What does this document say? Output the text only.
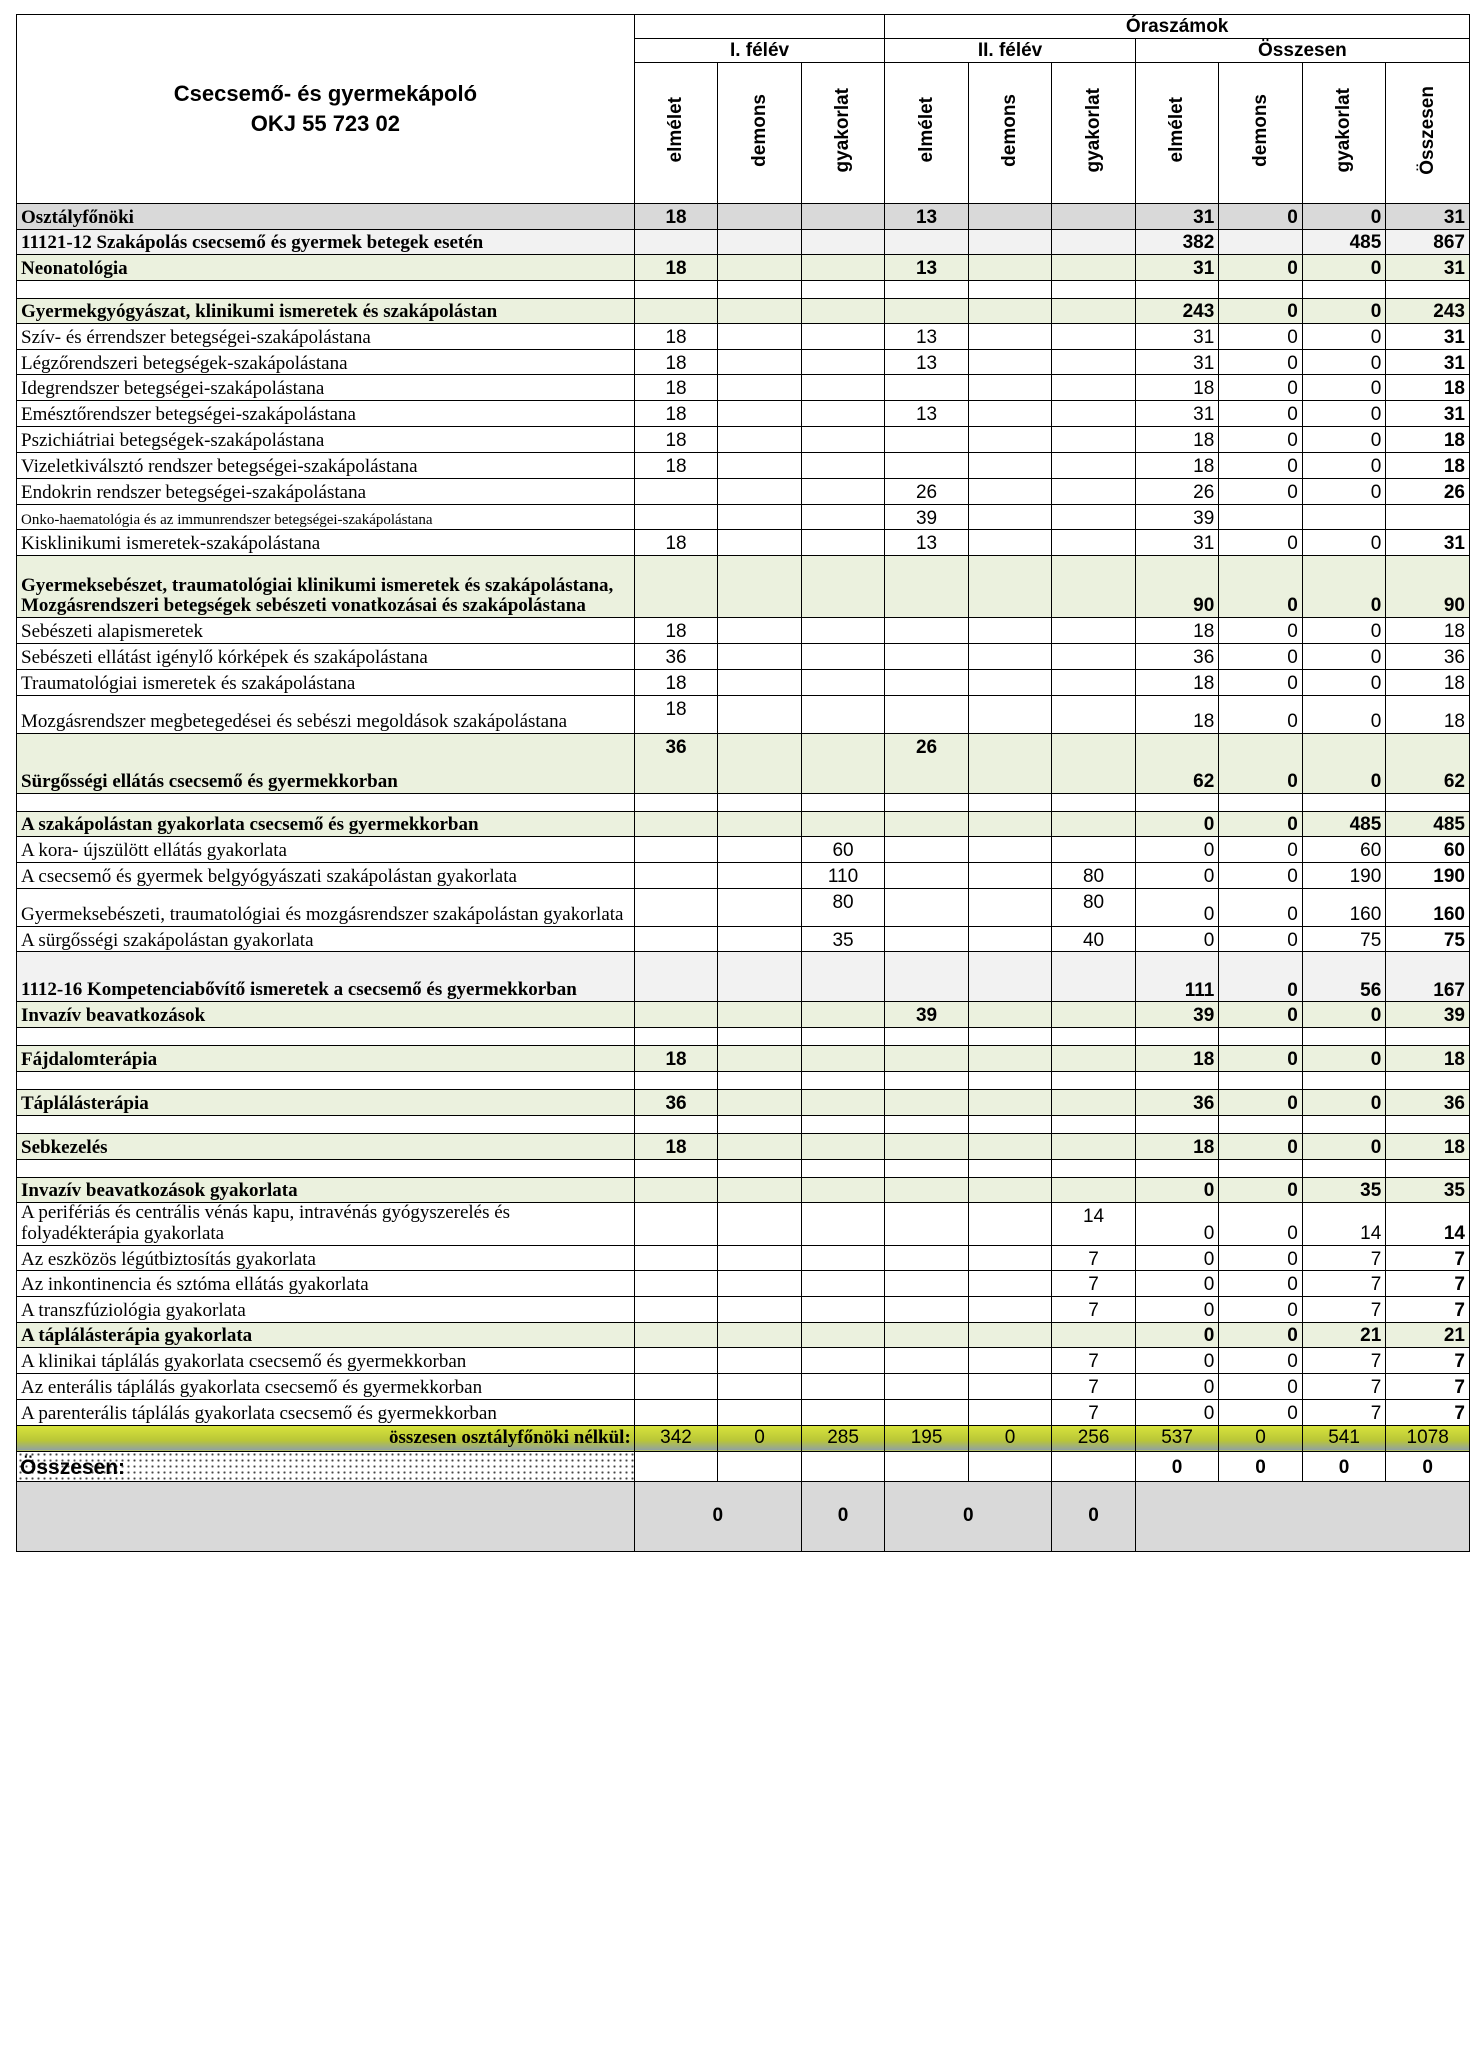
Csecsemő- és gyermekápoló
OKJ 55 723 02				Óraszámok						
	I. félév			II. félév			Összesen			
	elmélet	demons	gyakorlat	elmélet	demons	gyakorlat	elmélet	demons	gyakorlat	Összesen
Osztályfőnöki	18			13			31	0	0	31
11121-12 Szakápolás csecsemő és gyermek betegek esetén							382		485	867
Neonatológia	18			13			31	0	0	31

Gyermekgyógyászat, klinikumi ismeretek és szakápolástan							243	0	0	243
Szív- és érrendszer betegségei-szakápolástana	18			13			31	0	0	31
Légzőrendszeri betegségek-szakápolástana	18			13			31	0	0	31
Idegrendszer betegségei-szakápolástana	18						18	0	0	18
Emésztőrendszer betegségei-szakápolástana	18			13			31	0	0	31
Pszichiátriai betegségek-szakápolástana	18						18	0	0	18
Vizeletkiválsztó rendszer betegségei-szakápolástana	18						18	0	0	18
Endokrin rendszer betegségei-szakápolástana				26			26	0	0	26
Onko-haematológia és az immunrendszer betegségei-szakápolástana				39			39			
Kisklinikumi ismeretek-szakápolástana	18			13			31	0	0	31
Gyermeksebészet, traumatológiai klinikumi ismeretek és szakápolástana, Mozgásrendszeri betegségek sebészeti vonatkozásai és szakápolástana							90	0	0	90
Sebészeti alapismeretek	18						18	0	0	18
Sebészeti ellátást igénylő kórképek és szakápolástana	36						36	0	0	36
Traumatológiai ismeretek és szakápolástana	18						18	0	0	18
Mozgásrendszer megbetegedései és sebészi megoldások szakápolástana	18						18	0	0	18
Sürgősségi ellátás csecsemő és gyermekkorban	36			26			62	0	0	62

A szakápolástan gyakorlata csecsemő és gyermekkorban							0	0	485	485
A kora- újszülött ellátás gyakorlata			60				0	0	60	60
A csecsemő és gyermek belgyógyászati szakápolástan gyakorlata			110			80	0	0	190	190
Gyermeksebészeti, traumatológiai és mozgásrendszer szakápolástan gyakorlata			80			80	0	0	160	160
A sürgősségi szakápolástan gyakorlata			35			40	0	0	75	75
1112-16 Kompetenciabővítő ismeretek a csecsemő és gyermekkorban							111	0	56	167
Invazív beavatkozások				39			39	0	0	39

Fájdalomterápia	18						18	0	0	18

Táplálásterápia	36						36	0	0	36

Sebkezelés	18						18	0	0	18

Invazív beavatkozások gyakorlata							0	0	35	35
A perifériás és centrális vénás kapu, intravénás gyógyszerelés és folyadékterápia gyakorlata						14	0	0	14	14
Az eszközös légútbiztosítás gyakorlata						7	0	0	7	7
Az inkontinencia és sztóma ellátás gyakorlata						7	0	0	7	7
A transzfúziológia gyakorlata						7	0	0	7	7
A táplálásterápia gyakorlata							0	0	21	21
A klinikai táplálás gyakorlata csecsemő és gyermekkorban						7	0	0	7	7
Az enterális táplálás gyakorlata csecsemő és gyermekkorban						7	0	0	7	7
A parenterális táplálás gyakorlata csecsemő és gyermekkorban						7	0	0	7	7
összesen osztályfőnöki nélkül:	342	0	285	195	0	256	537	0	541	1078
Összesen:							0	0	0	0
	0		0	0		0				
